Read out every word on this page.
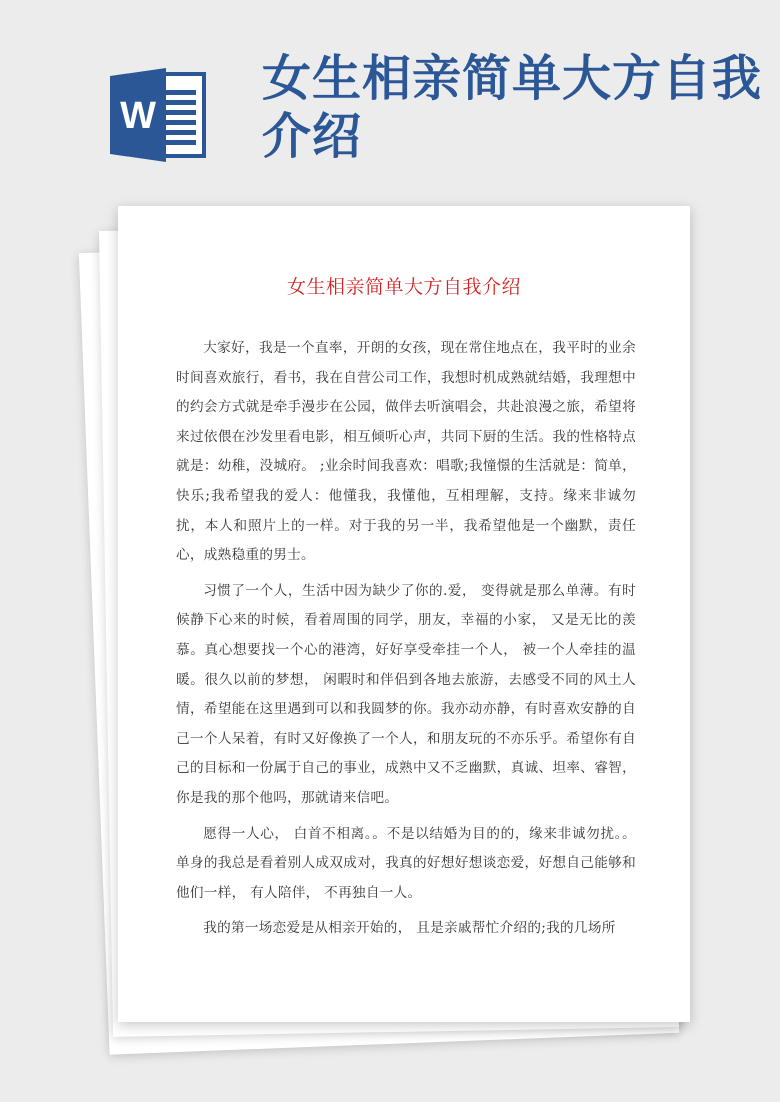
W
女生相亲简单大方自我介绍
女生相亲简单大方自我介绍

大家好，我是一个直率，开朗的女孩，现在常住地点在，我平时的业余时间喜欢旅行，看书，我在自营公司工作，我想时机成熟就结婚，我理想中的约会方式就是牵手漫步在公园，做伴去听演唱会，共赴浪漫之旅，希望将来过依偎在沙发里看电影，相互倾听心声，共同下厨的生活。我的性格特点就是：幼稚，没城府。 ;业余时间我喜欢：唱歌;我憧憬的生活就是：简单，快乐;我希望我的爱人：他懂我，我懂他，互相理解，支持。缘来非诚勿扰，本人和照片上的一样。对于我的另一半，我希望他是一个幽默，责任心，成熟稳重的男士。

习惯了一个人，生活中因为缺少了你的.爱， 变得就是那么单薄。有时候静下心来的时候，看着周围的同学，朋友，幸福的小家， 又是无比的羡慕。真心想要找一个心的港湾，好好享受牵挂一个人， 被一个人牵挂的温暖。很久以前的梦想， 闲暇时和伴侣到各地去旅游，去感受不同的风土人情，希望能在这里遇到可以和我圆梦的你。我亦动亦静，有时喜欢安静的自己一个人呆着，有时又好像换了一个人，和朋友玩的不亦乐乎。希望你有自己的目标和一份属于自己的事业，成熟中又不乏幽默，真诚、坦率、睿智，你是我的那个他吗，那就请来信吧。

愿得一人心， 白首不相离。。不是以结婚为目的的，缘来非诚勿扰。。单身的我总是看着别人成双成对，我真的好想好想谈恋爱，好想自己能够和他们一样， 有人陪伴， 不再独自一人。

我的第一场恋爱是从相亲开始的， 且是亲戚帮忙介绍的;我的几场所
